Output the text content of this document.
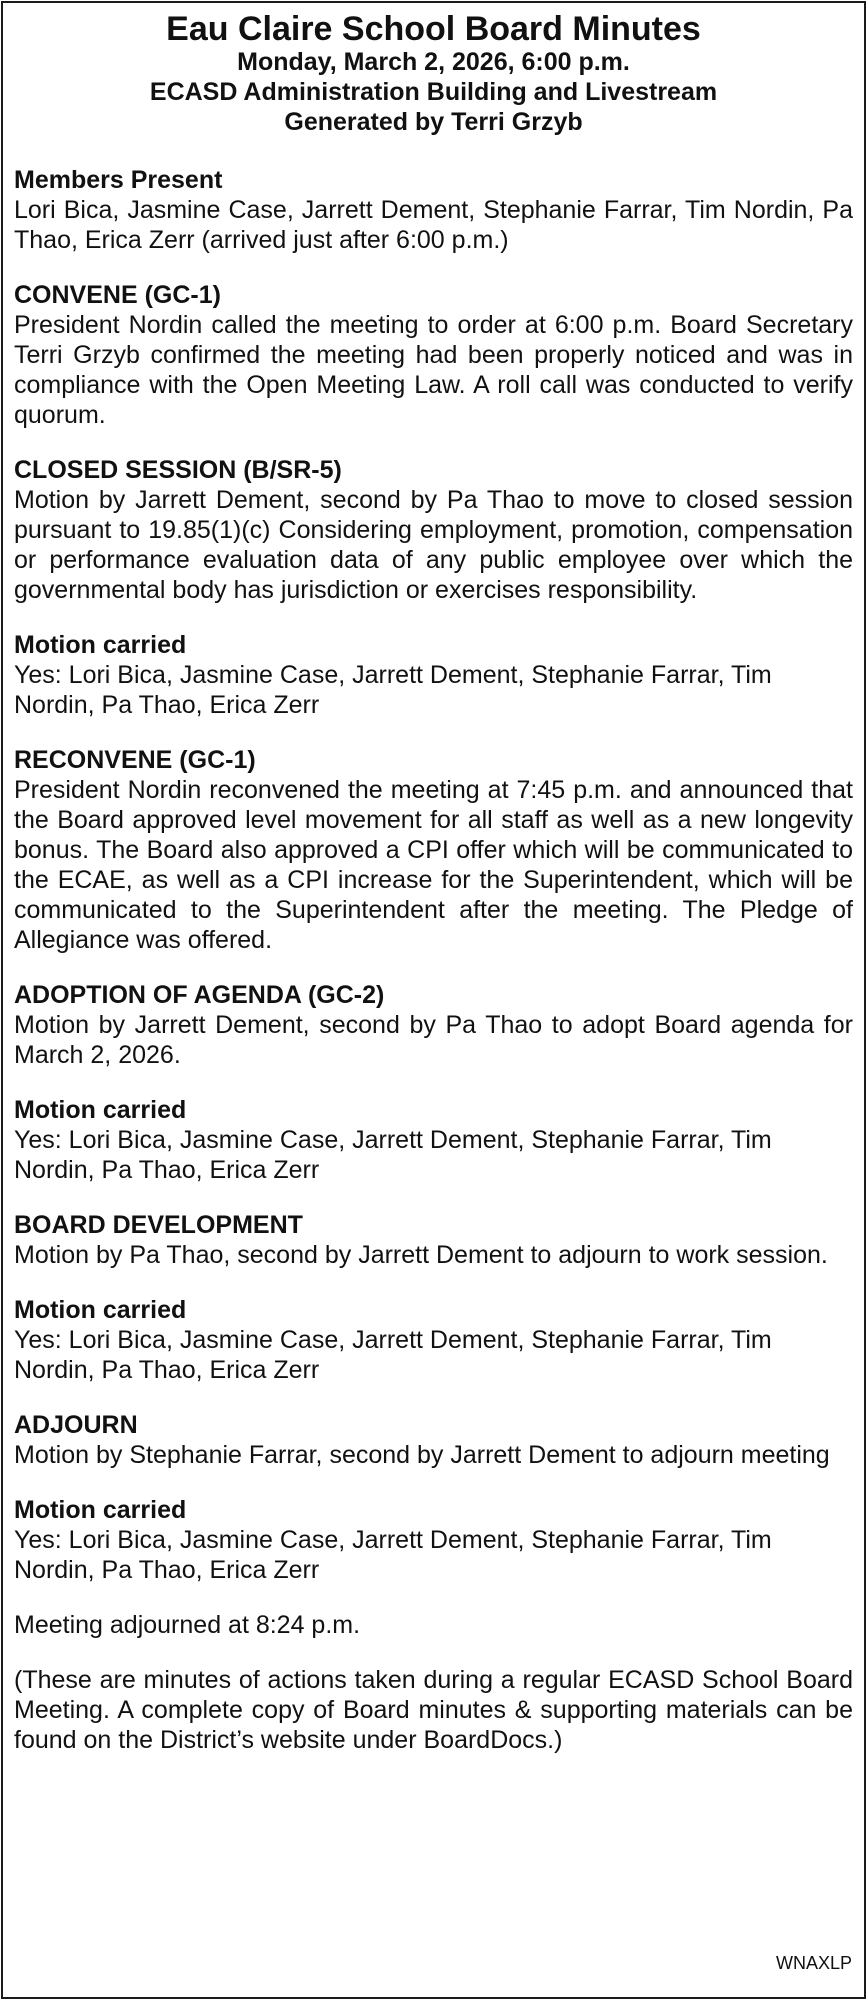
Eau Claire School Board Minutes
Monday, March 2, 2026, 6:00 p.m.
ECASD Administration Building and Livestream
Generated by Terri Grzyb
Members Present
Lori Bica, Jasmine Case, Jarrett Dement, Stephanie Farrar, Tim Nordin, Pa Thao, Erica Zerr (arrived just after 6:00 p.m.)
CONVENE (GC-1)
President Nordin called the meeting to order at 6:00 p.m. Board Secretary Terri Grzyb confirmed the meeting had been properly noticed and was in compliance with the Open Meeting Law. A roll call was conducted to verify quorum.
CLOSED SESSION (B/SR-5)
Motion by Jarrett Dement, second by Pa Thao to move to closed session pursuant to 19.85(1)(c) Considering employment, promotion, compensation or performance evaluation data of any public employee over which the governmental body has jurisdiction or exercises responsibility.
Motion carried
Yes: Lori Bica, Jasmine Case, Jarrett Dement, Stephanie Farrar, Tim Nordin, Pa Thao, Erica Zerr
RECONVENE (GC-1)
President Nordin reconvened the meeting at 7:45 p.m. and announced that the Board approved level movement for all staff as well as a new longevity bonus. The Board also approved a CPI offer which will be communicated to the ECAE, as well as a CPI increase for the Superintendent, which will be communicated to the Superintendent after the meeting. The Pledge of Allegiance was offered.
ADOPTION OF AGENDA (GC-2)
Motion by Jarrett Dement, second by Pa Thao to adopt Board agenda for March 2, 2026.
Motion carried
Yes: Lori Bica, Jasmine Case, Jarrett Dement, Stephanie Farrar, Tim Nordin, Pa Thao, Erica Zerr
BOARD DEVELOPMENT
Motion by Pa Thao, second by Jarrett Dement to adjourn to work session.
Motion carried
Yes: Lori Bica, Jasmine Case, Jarrett Dement, Stephanie Farrar, Tim Nordin, Pa Thao, Erica Zerr
ADJOURN
Motion by Stephanie Farrar, second by Jarrett Dement to adjourn meeting
Motion carried
Yes: Lori Bica, Jasmine Case, Jarrett Dement, Stephanie Farrar, Tim Nordin, Pa Thao, Erica Zerr
Meeting adjourned at 8:24 p.m.
(These are minutes of actions taken during a regular ECASD School Board Meeting. A complete copy of Board minutes & supporting materials can be found on the District’s website under BoardDocs.)
WNAXLP
